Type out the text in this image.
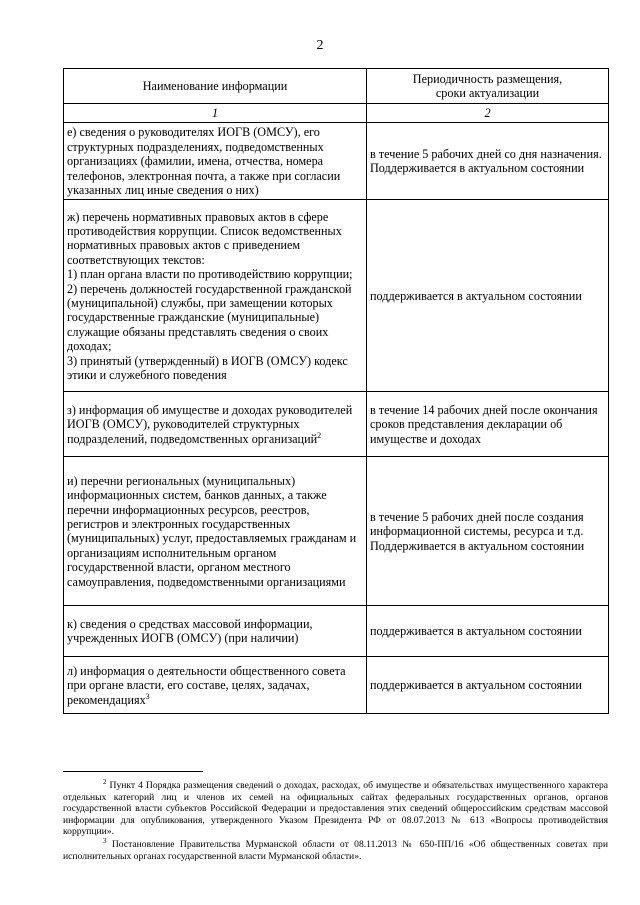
2
Наименование информации	Периодичность размещения,
сроки актуализации
1	2
е) сведения о руководителях ИОГВ (ОМСУ), его структурных подразделениях, подведомственных организациях (фамилии, имена, отчества, номера телефонов, электронная почта, а также при согласии указанных лиц иные сведения о них)	в течение 5 рабочих дней со дня назначения.
Поддерживается в актуальном состоянии
ж) перечень нормативных правовых актов в сфере противодействия коррупции. Список ведомственных нормативных правовых актов с приведением соответствующих текстов:
1) план органа власти по противодействию коррупции;
2) перечень должностей государственной гражданской (муниципальной) службы, при замещении которых государственные гражданские (муниципальные) служащие обязаны представлять сведения о своих доходах;
3) принятый (утвержденный) в ИОГВ (ОМСУ) кодекс этики и служебного поведения	поддерживается в актуальном состоянии
з) информация об имуществе и доходах руководителей ИОГВ (ОМСУ), руководителей структурных подразделений, подведомственных организаций$^2$	в течение 14 рабочих дней после окончания сроков представления декларации об имуществе и доходах
и) перечни региональных (муниципальных) информационных систем, банков данных, а также перечни информационных ресурсов, реестров, регистров и электронных государственных (муниципальных) услуг, предоставляемых гражданам и организациям исполнительным органом государственной власти, органом местного самоуправления, подведомственными организациями	в течение 5 рабочих дней после создания информационной системы, ресурса и т.д.
Поддерживается в актуальном состоянии
к) сведения о средствах массовой информации, учрежденных ИОГВ (ОМСУ) (при наличии)	поддерживается в актуальном состоянии
л) информация о деятельности общественного совета при органе власти, его составе, целях, задачах, рекомендациях$^3$	поддерживается в актуальном состоянии

$^2$ Пункт 4 Порядка размещения сведений о доходах, расходах, об имуществе и обязательствах имущественного характера отдельных категорий лиц и членов их семей на официальных сайтах федеральных государственных органов, органов государственной власти субъектов Российской Федерации и предоставления этих сведений общероссийским средствам массовой информации для опубликования, утвержденного Указом Президента РФ от 08.07.2013 № 613 «Вопросы противодействия коррупции».

$^3$ Постановление Правительства Мурманской области от 08.11.2013 № 650-ПП/16 «Об общественных советах при исполнительных органах государственной власти Мурманской области».
